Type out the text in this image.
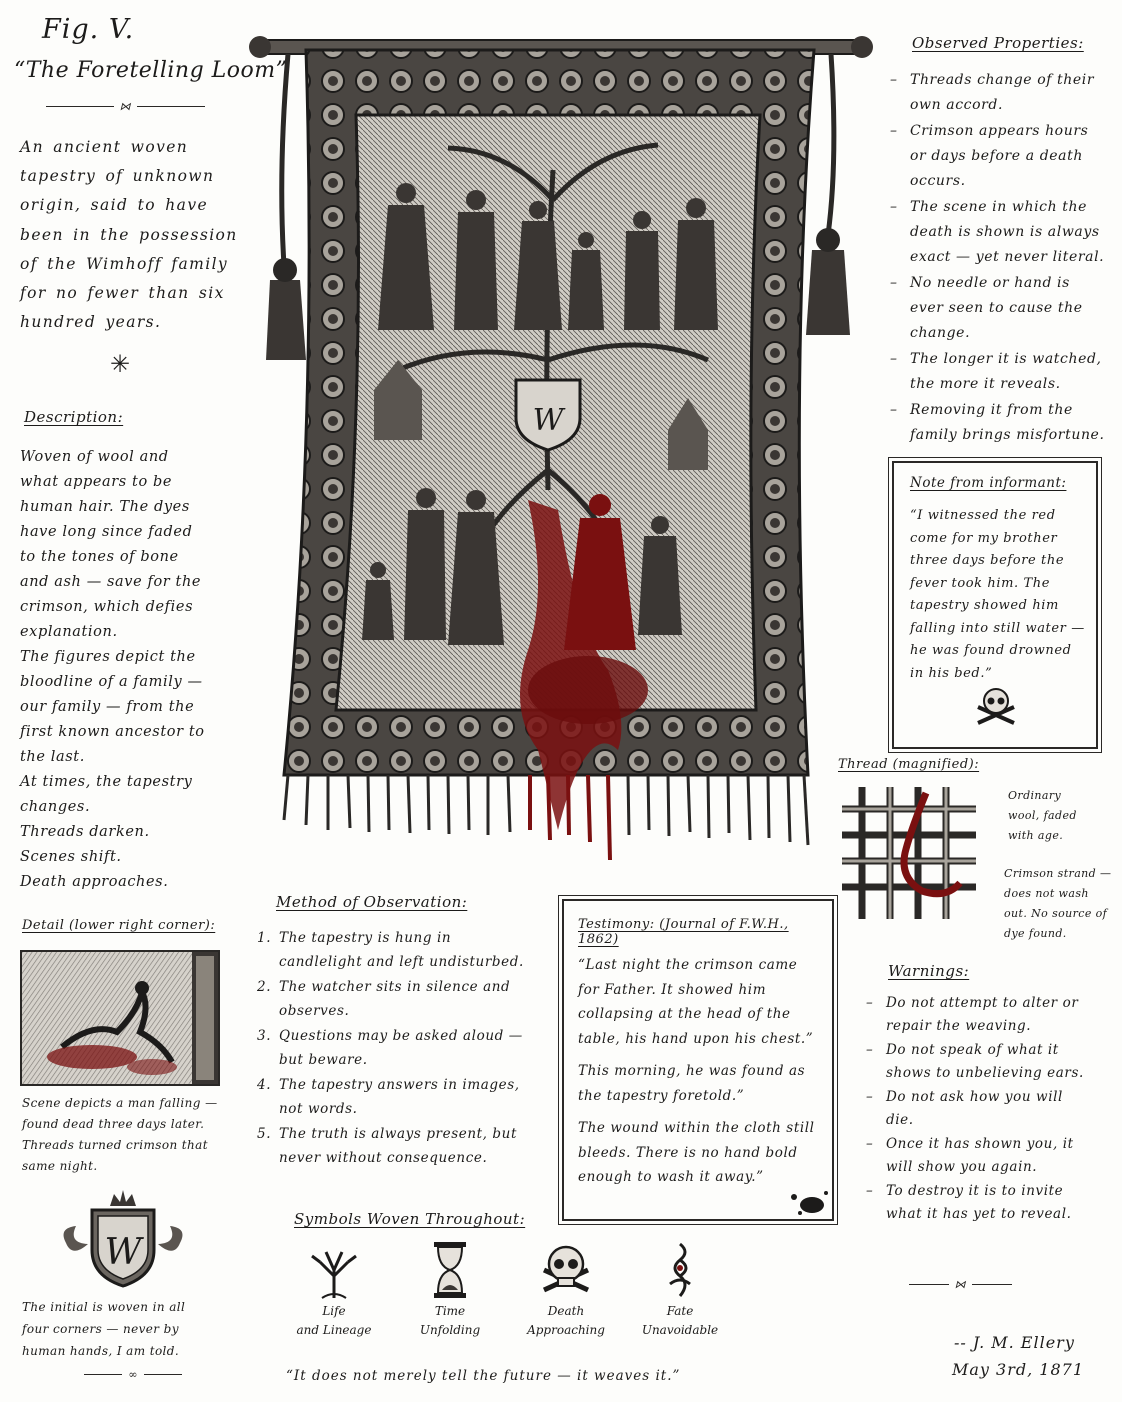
Fig. V.
“The Foretelling Loom”
⋈

An ancient woven tapestry of unknown origin, said to have been in the possession of the Wimhoff family for no fewer than six hundred years.

✳
Description:

Woven of wool and what appears to be human hair. The dyes have long since faded to the tones of bone and ash — save for the crimson, which defies explanation.

The figures depict the bloodline of a family — our family — from the first known ancestor to the last.

At times, the tapestry changes.

Threads darken.

Scenes shift.

Death approaches.

Detail (lower right corner):

Scene depicts a man falling — found dead three days later. Threads turned crimson that same night.

W

The initial is woven in all four corners — never by human hands, I am told.

∞
W
Method of Observation:
1. The tapestry is hung in candlelight and left undisturbed.
2. The watcher sits in silence and observes.
3. Questions may be asked aloud — but beware.
4. The tapestry answers in images, not words.
5. The truth is always present, but never without consequence.
Testimony: (Journal of F.W.H., 1862)

“Last night the crimson came for Father. It showed him collapsing at the head of the table, his hand upon his chest.”

This morning, he was found as the tapestry foretold.”

The wound within the cloth still bleeds. There is no hand bold enough to wash it away.”

Symbols Woven Throughout:
Life
and Lineage
Time
Unfolding
Death
Approaching
Fate
Unavoidable
“It does not merely tell the future — it weaves it.”
Observed Properties:
– Threads change of their own accord.
– Crimson appears hours or days before a death occurs.
– The scene in which the death is shown is always exact — yet never literal.
– No needle or hand is ever seen to cause the change.
– The longer it is watched, the more it reveals.
– Removing it from the family brings misfortune.
Note from informant:

“I witnessed the red come for my brother three days before the fever took him. The tapestry showed him falling into still water — he was found drowned in his bed.”

Thread (magnified):

Ordinary wool, faded with age.

Crimson strand — does not wash out. No source of dye found.

Warnings:
– Do not attempt to alter or repair the weaving.
– Do not speak of what it shows to unbelieving ears.
– Do not ask how you will die.
– Once it has shown you, it will show you again.
– To destroy it is to invite what it has yet to reveal.
⋈
-- J. M. Ellery
May 3rd, 1871
